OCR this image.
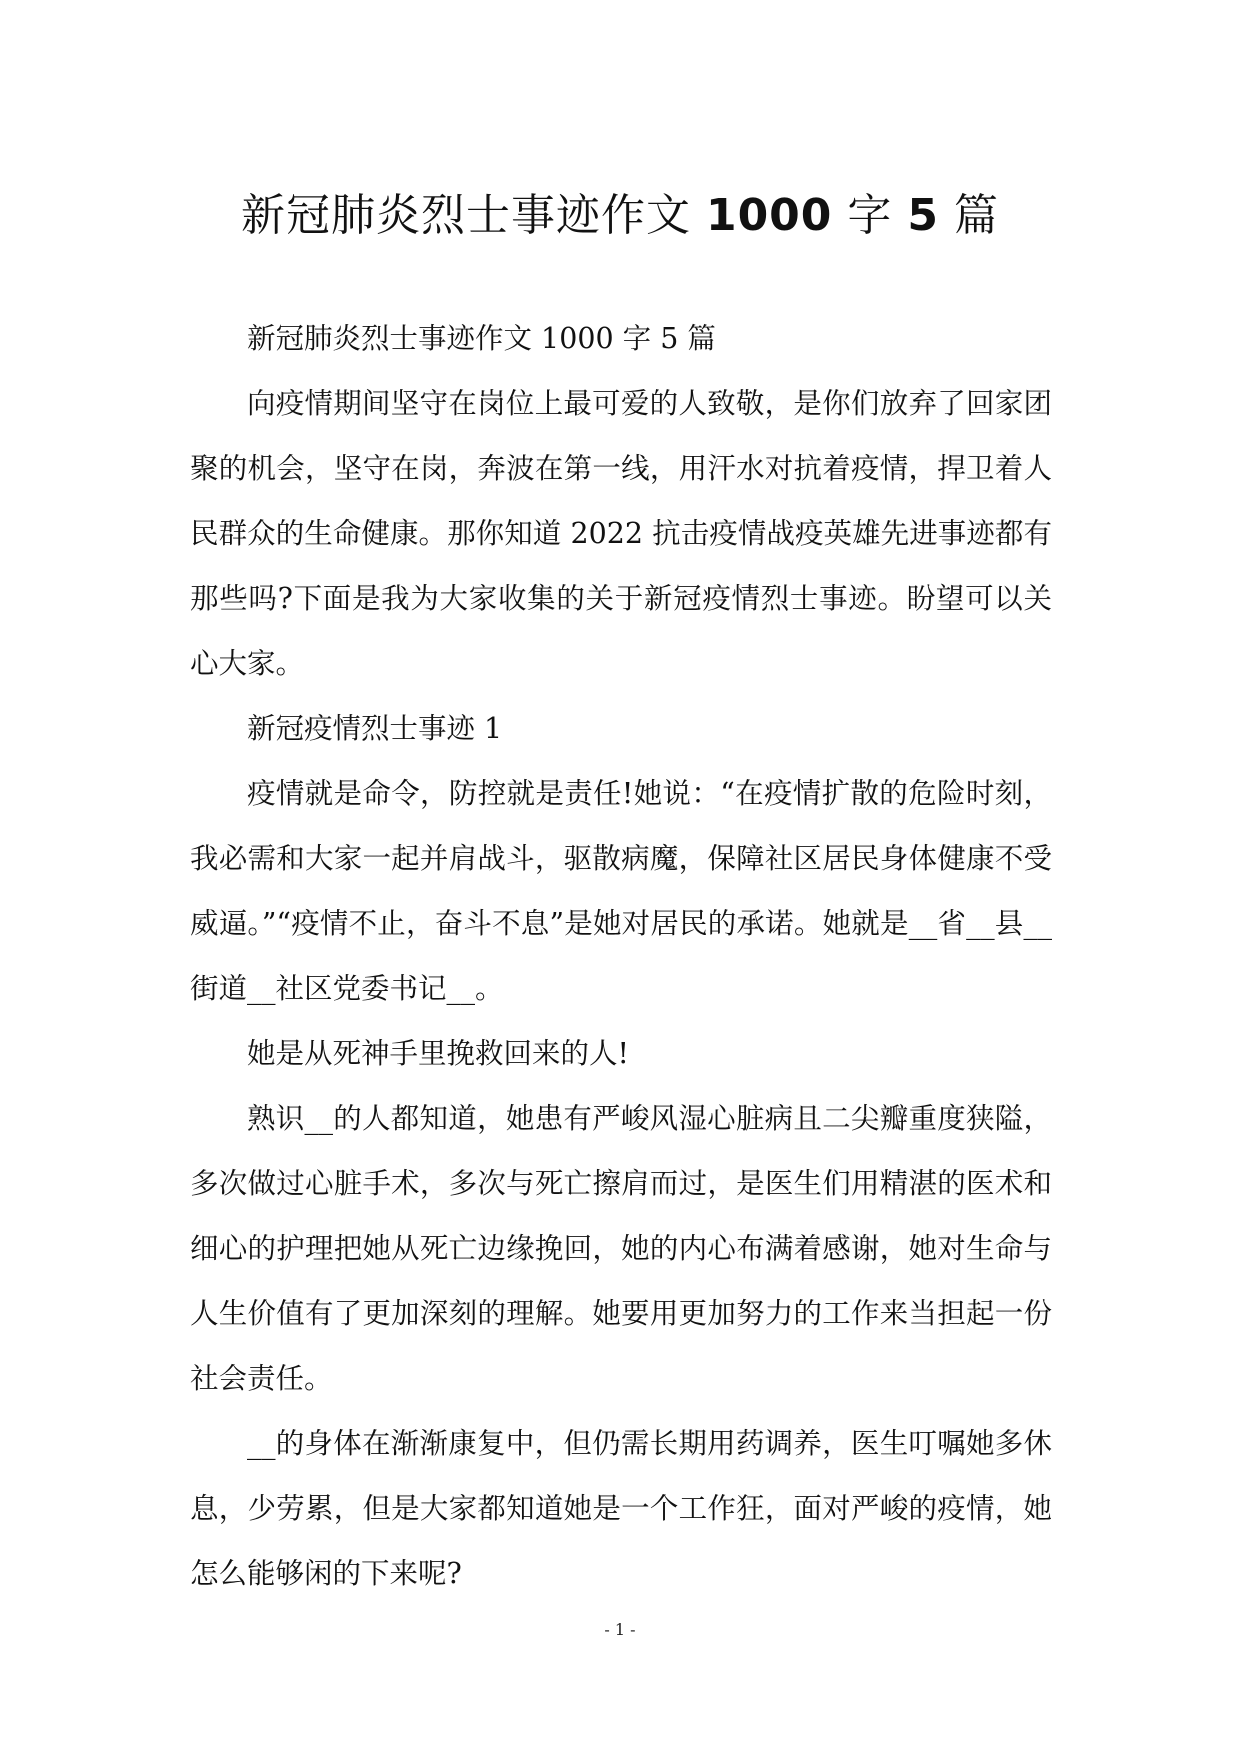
新冠肺炎烈士事迹作文 1000 字 5 篇

新冠肺炎烈士事迹作文 1000 字 5 篇

向疫情期间坚守在岗位上最可爱的人致敬，是你们放弃了回家团聚的机会，坚守在岗，奔波在第一线，用汗水对抗着疫情，捍卫着人民群众的生命健康。那你知道 2022 抗击疫情战疫英雄先进事迹都有那些吗?下面是我为大家收集的关于新冠疫情烈士事迹。盼望可以关心大家。

新冠疫情烈士事迹 1

疫情就是命令，防控就是责任!她说：“在疫情扩散的危险时刻，我必需和大家一起并肩战斗，驱散病魔，保障社区居民身体健康不受威逼。”“疫情不止，奋斗不息”是她对居民的承诺。她就是__省__县__街道__社区党委书记__。

她是从死神手里挽救回来的人!

熟识__的人都知道，她患有严峻风湿心脏病且二尖瓣重度狭隘，多次做过心脏手术，多次与死亡擦肩而过，是医生们用精湛的医术和细心的护理把她从死亡边缘挽回，她的内心布满着感谢，她对生命与人生价值有了更加深刻的理解。她要用更加努力的工作来当担起一份社会责任。

__的身体在渐渐康复中，但仍需长期用药调养，医生叮嘱她多休息，少劳累，但是大家都知道她是一个工作狂，面对严峻的疫情，她怎么能够闲的下来呢?

- 1 -
